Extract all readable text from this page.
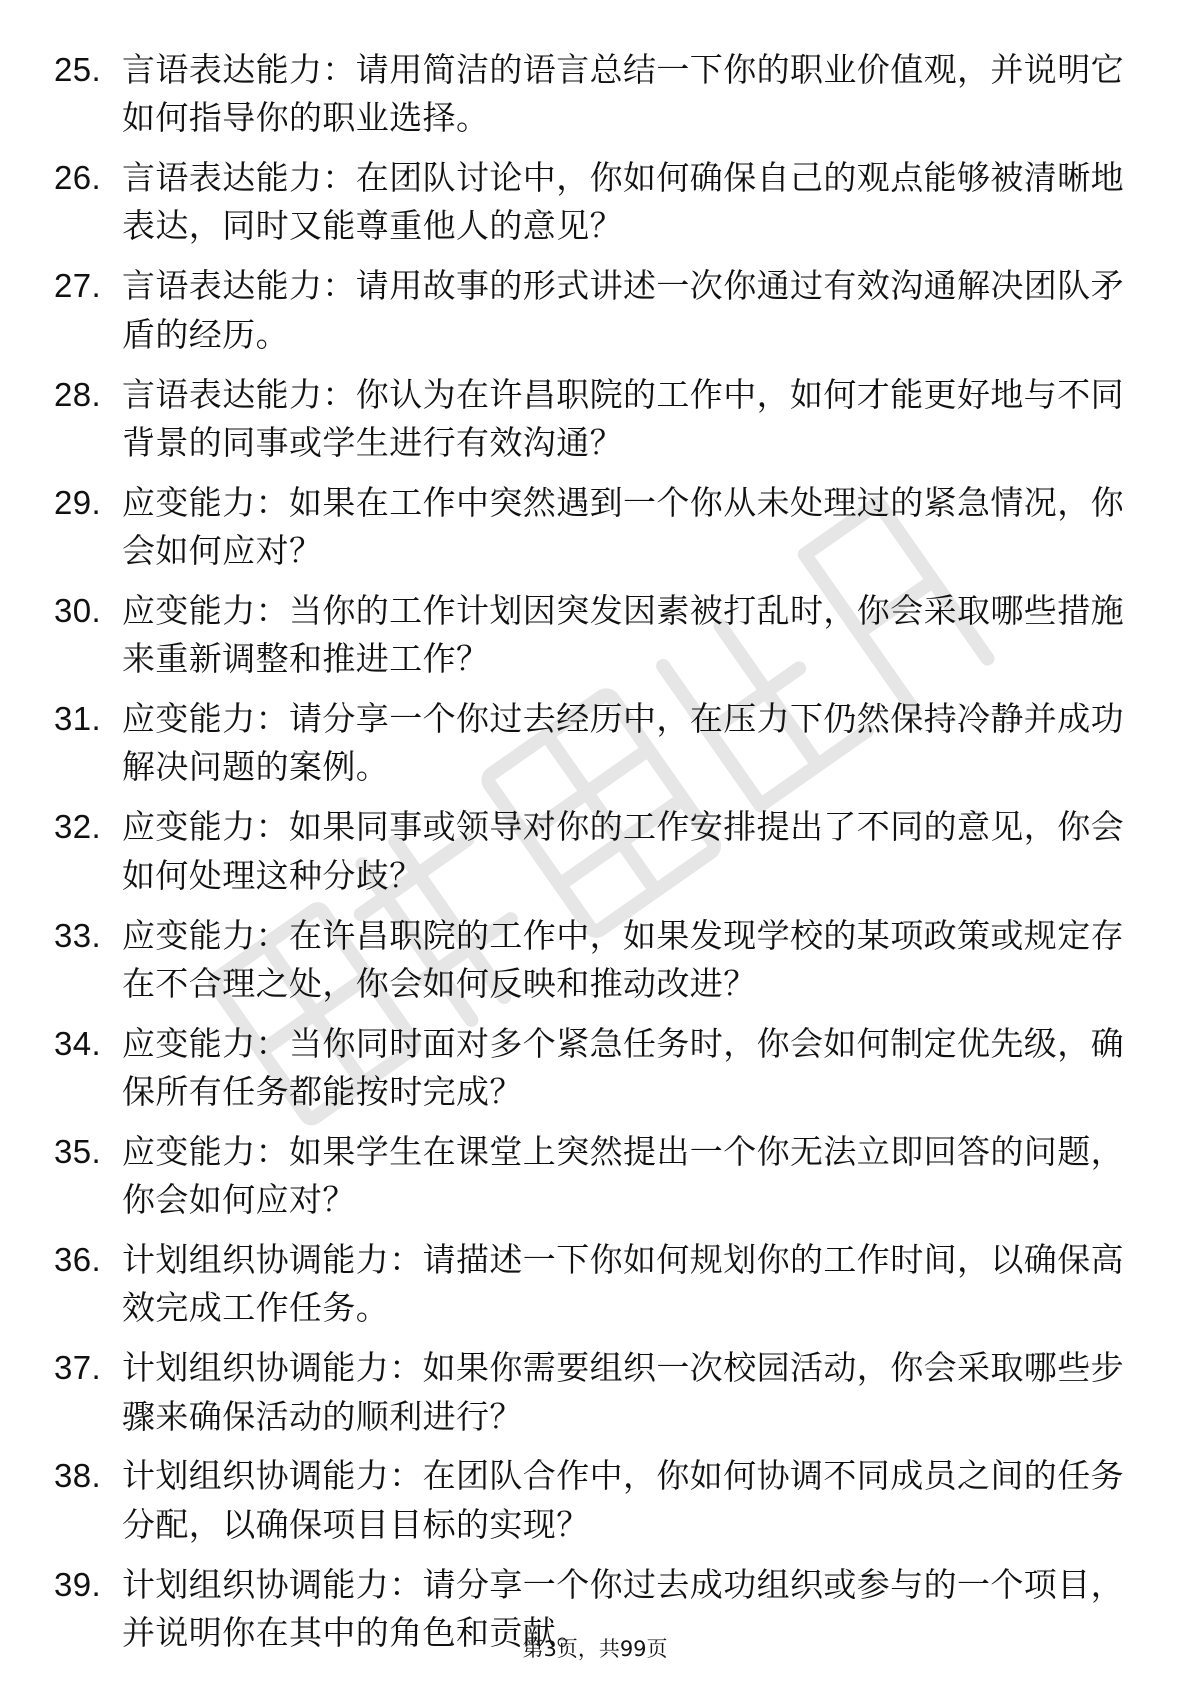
25. 言语表达能力：请用简洁的语言总结一下你的职业价值观，并说明它如何指导你的职业选择。
26. 言语表达能力：在团队讨论中，你如何确保自己的观点能够被清晰地表达，同时又能尊重他人的意见？
27. 言语表达能力：请用故事的形式讲述一次你通过有效沟通解决团队矛盾的经历。
28. 言语表达能力：你认为在许昌职院的工作中，如何才能更好地与不同背景的同事或学生进行有效沟通？
29. 应变能力：如果在工作中突然遇到一个你从未处理过的紧急情况，你会如何应对？
30. 应变能力：当你的工作计划因突发因素被打乱时，你会采取哪些措施来重新调整和推进工作？
31. 应变能力：请分享一个你过去经历中，在压力下仍然保持冷静并成功解决问题的案例。
32. 应变能力：如果同事或领导对你的工作安排提出了不同的意见，你会如何处理这种分歧？
33. 应变能力：在许昌职院的工作中，如果发现学校的某项政策或规定存在不合理之处，你会如何反映和推动改进？
34. 应变能力：当你同时面对多个紧急任务时，你会如何制定优先级，确保所有任务都能按时完成？
35. 应变能力：如果学生在课堂上突然提出一个你无法立即回答的问题，你会如何应对？
36. 计划组织协调能力：请描述一下你如何规划你的工作时间，以确保高效完成工作任务。
37. 计划组织协调能力：如果你需要组织一次校园活动，你会采取哪些步骤来确保活动的顺利进行？
38. 计划组织协调能力：在团队合作中，你如何协调不同成员之间的任务分配，以确保项目目标的实现？
39. 计划组织协调能力：请分享一个你过去成功组织或参与的一个项目，并说明你在其中的角色和贡献。
第3页，共99页
